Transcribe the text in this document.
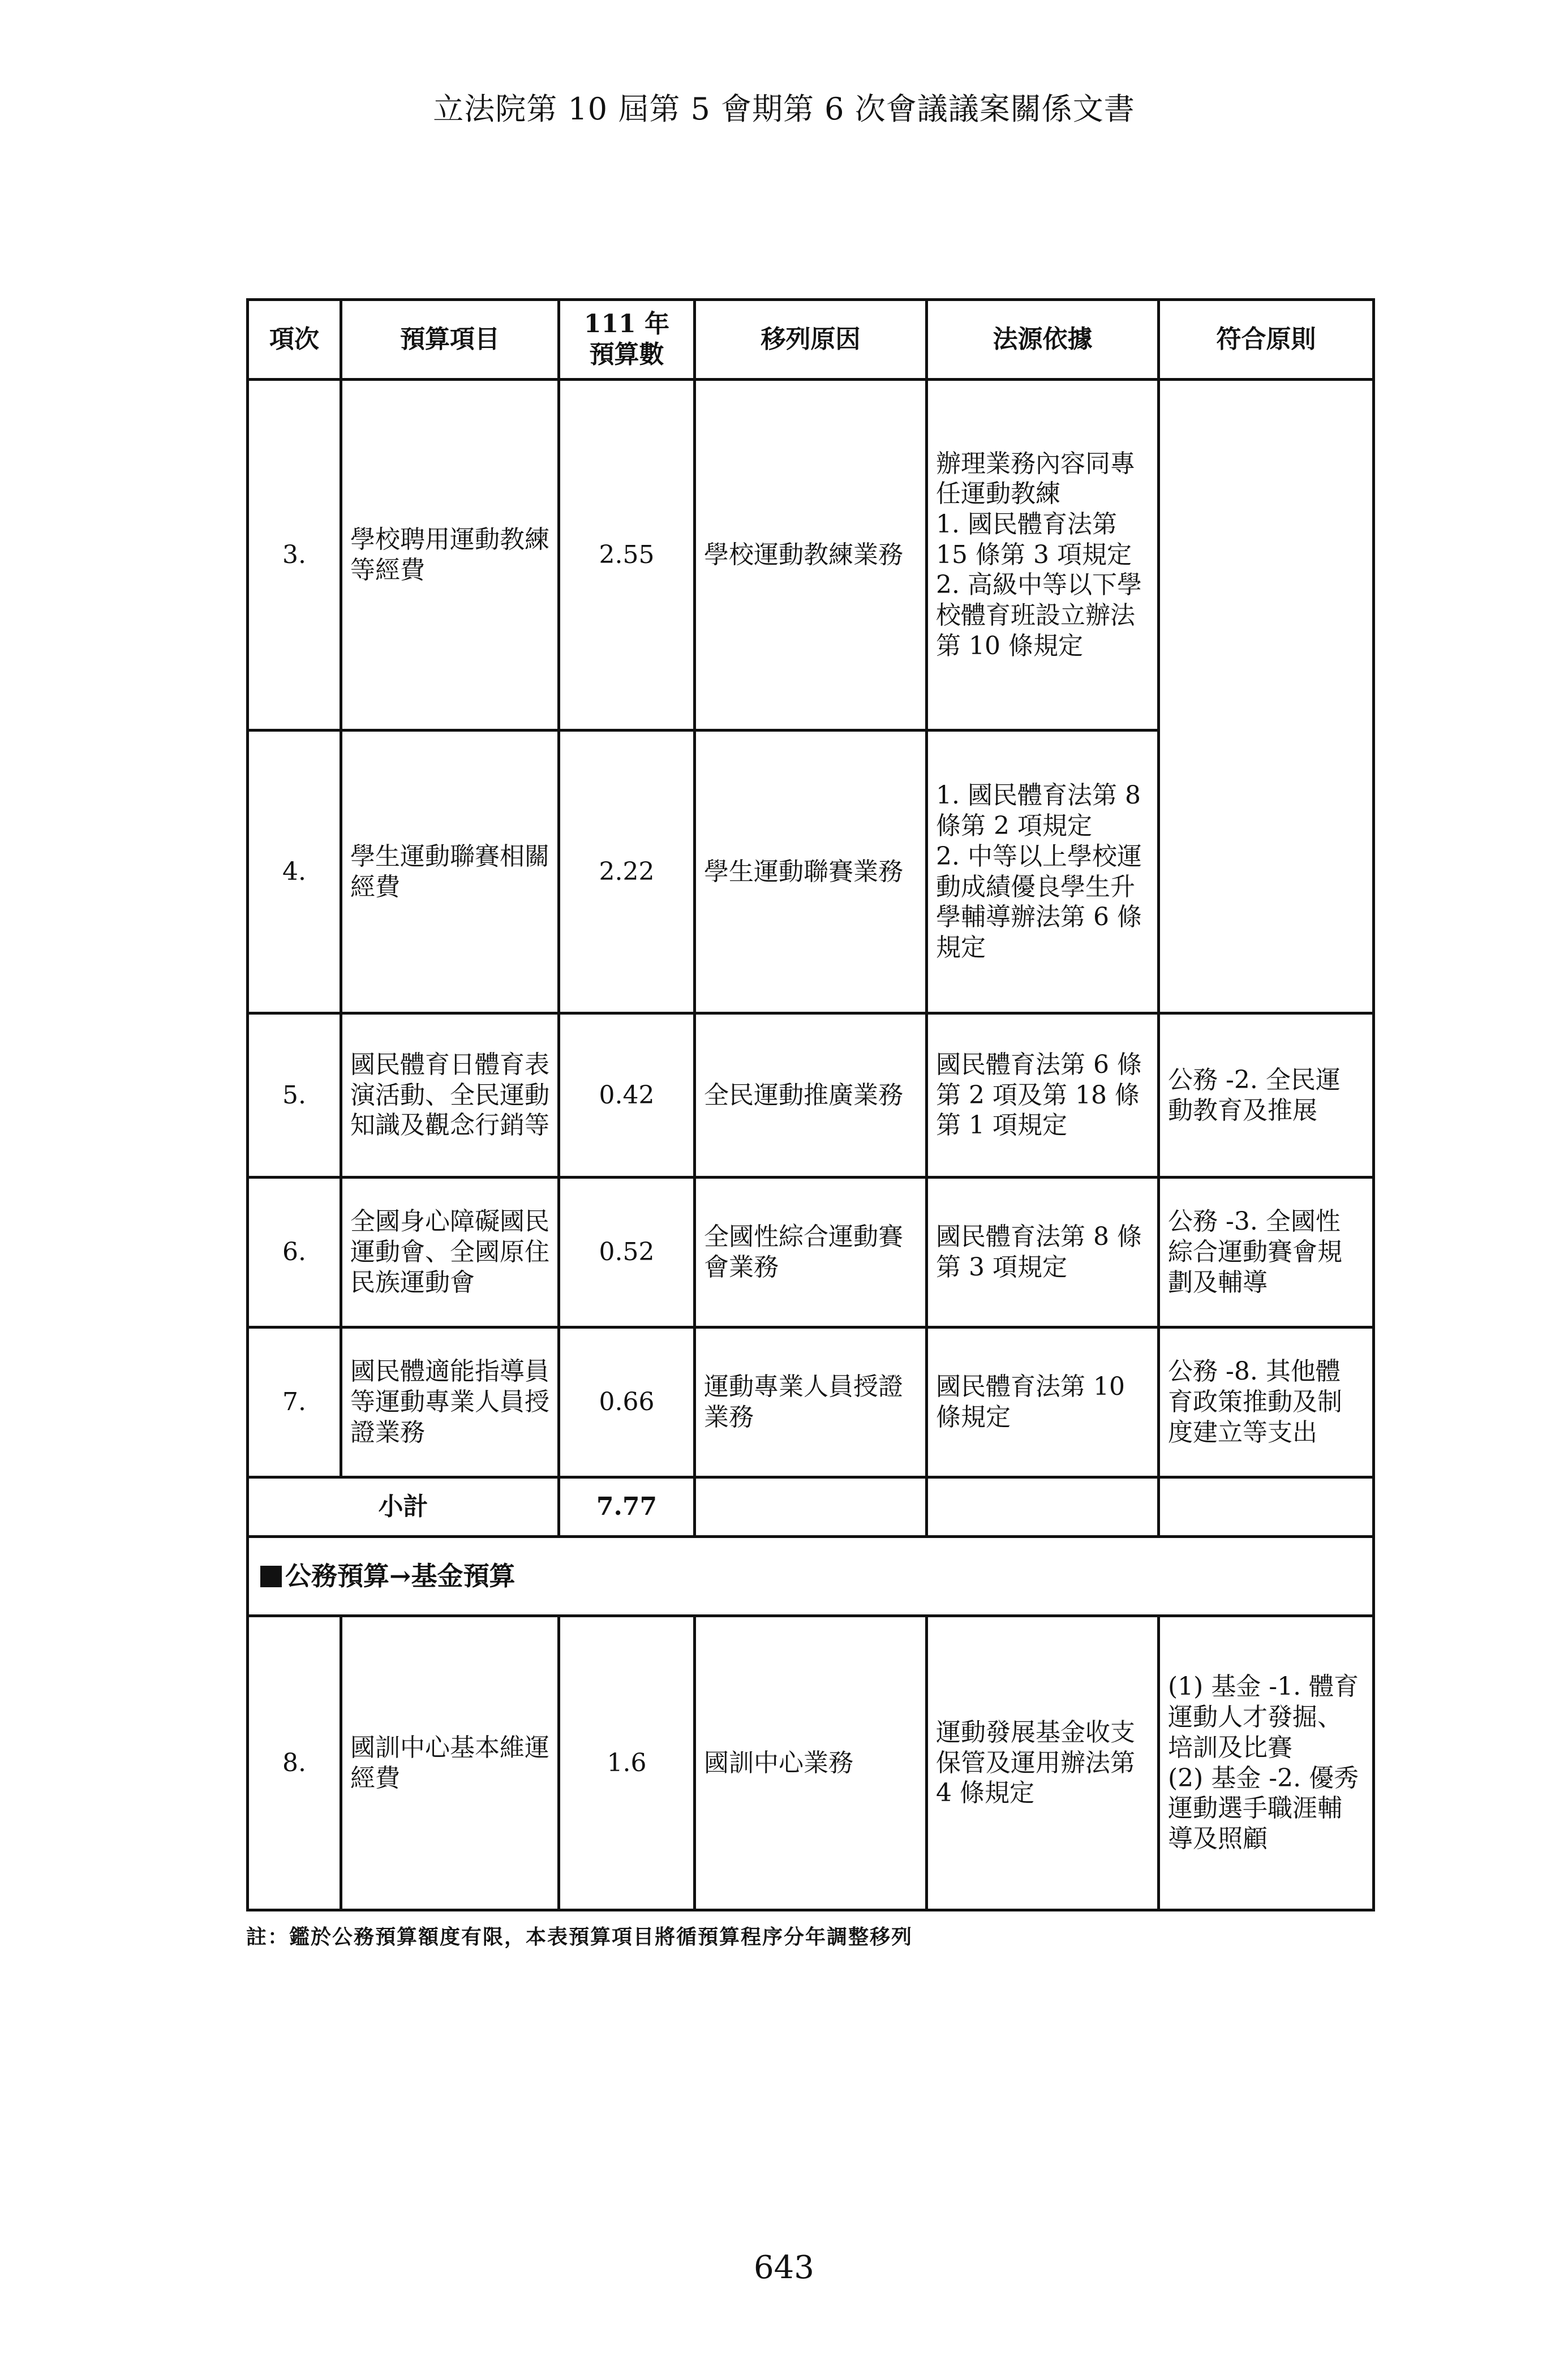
立法院第 10 屆第 5 會期第 6 次會議議案關係文書
項次	預算項目	111 年
預算數	移列原因	法源依據	符合原則
3.	學校聘用運動教練等經費	2.55	學校運動教練業務	辦理業務內容同專任運動教練
1. 國民體育法第 15 條第 3 項規定
2. 高級中等以下學校體育班設立辦法第 10 條規定	
4.	學生運動聯賽相關經費	2.22	學生運動聯賽業務	1. 國民體育法第 8 條第 2 項規定
2. 中等以上學校運動成績優良學生升學輔導辦法第 6 條規定	
5.	國民體育日體育表演活動、全民運動知識及觀念行銷等	0.42	全民運動推廣業務	國民體育法第 6 條第 2 項及第 18 條第 1 項規定	公務 -2. 全民運動教育及推展
6.	全國身心障礙國民運動會、全國原住民族運動會	0.52	全國性綜合運動賽會業務	國民體育法第 8 條第 3 項規定	公務 -3. 全國性綜合運動賽會規劃及輔導
7.	國民體適能指導員等運動專業人員授證業務	0.66	運動專業人員授證業務	國民體育法第 10 條規定	公務 -8. 其他體育政策推動及制度建立等支出
小計		7.77			
公務預算→基金預算					
8.	國訓中心基本維運經費	1.6	國訓中心業務	運動發展基金收支保管及運用辦法第 4 條規定	(1) 基金 -1. 體育運動人才發掘、培訓及比賽
(2) 基金 -2. 優秀運動選手職涯輔導及照顧
註：鑑於公務預算額度有限，本表預算項目將循預算程序分年調整移列
643
